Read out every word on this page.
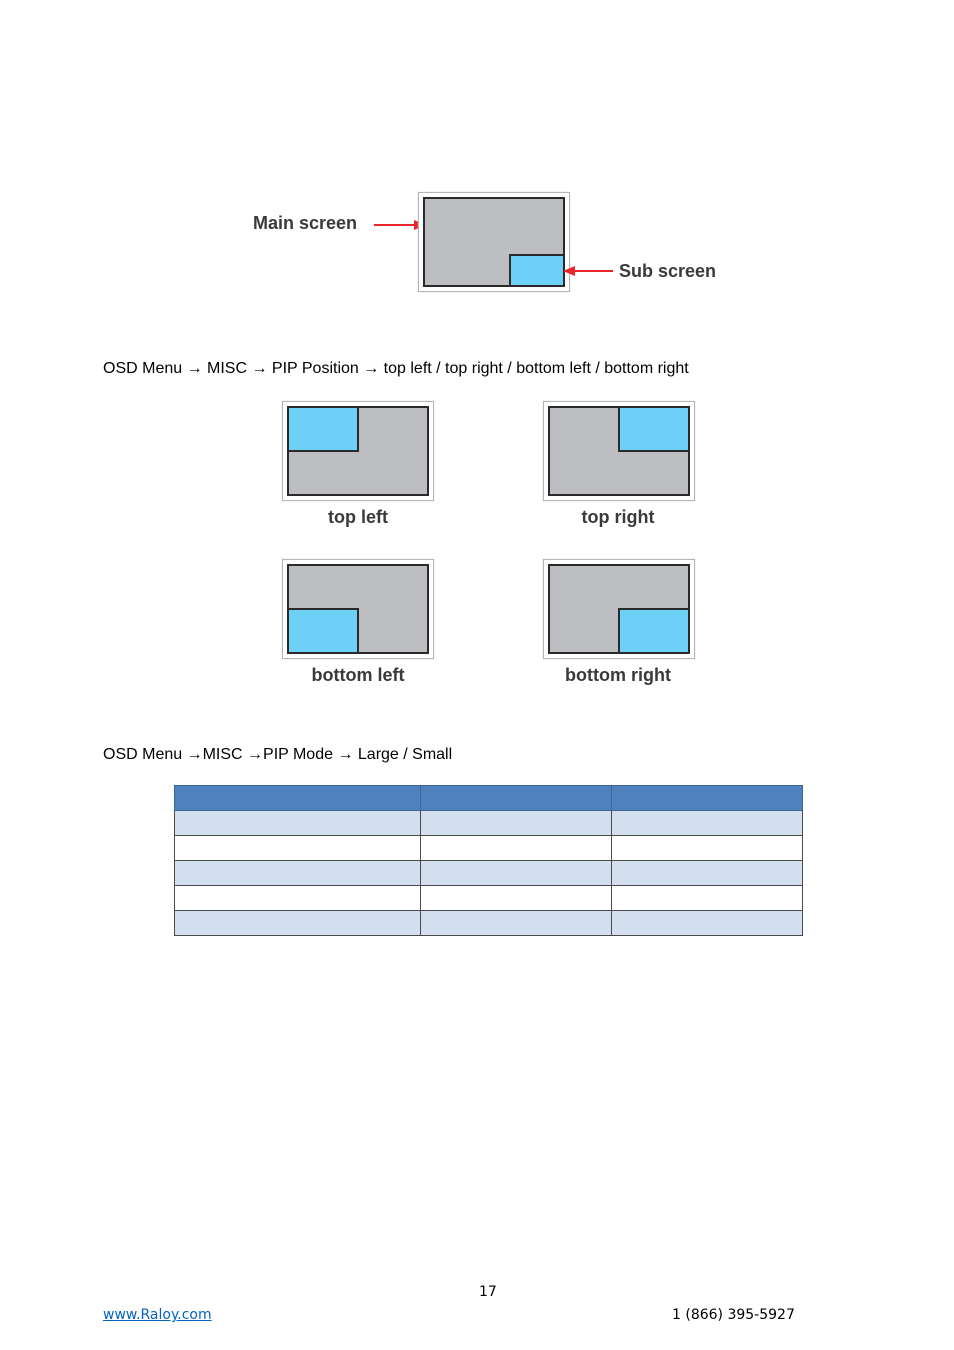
Main screen
Sub screen
OSD Menu → MISC → PIP Position → top left / top right / bottom left / bottom right
top left	top right
bottom left	bottom right
OSD Menu →MISC →PIP Mode → Large / Small

17
www.Raloy.com	1 (866) 395-5927
